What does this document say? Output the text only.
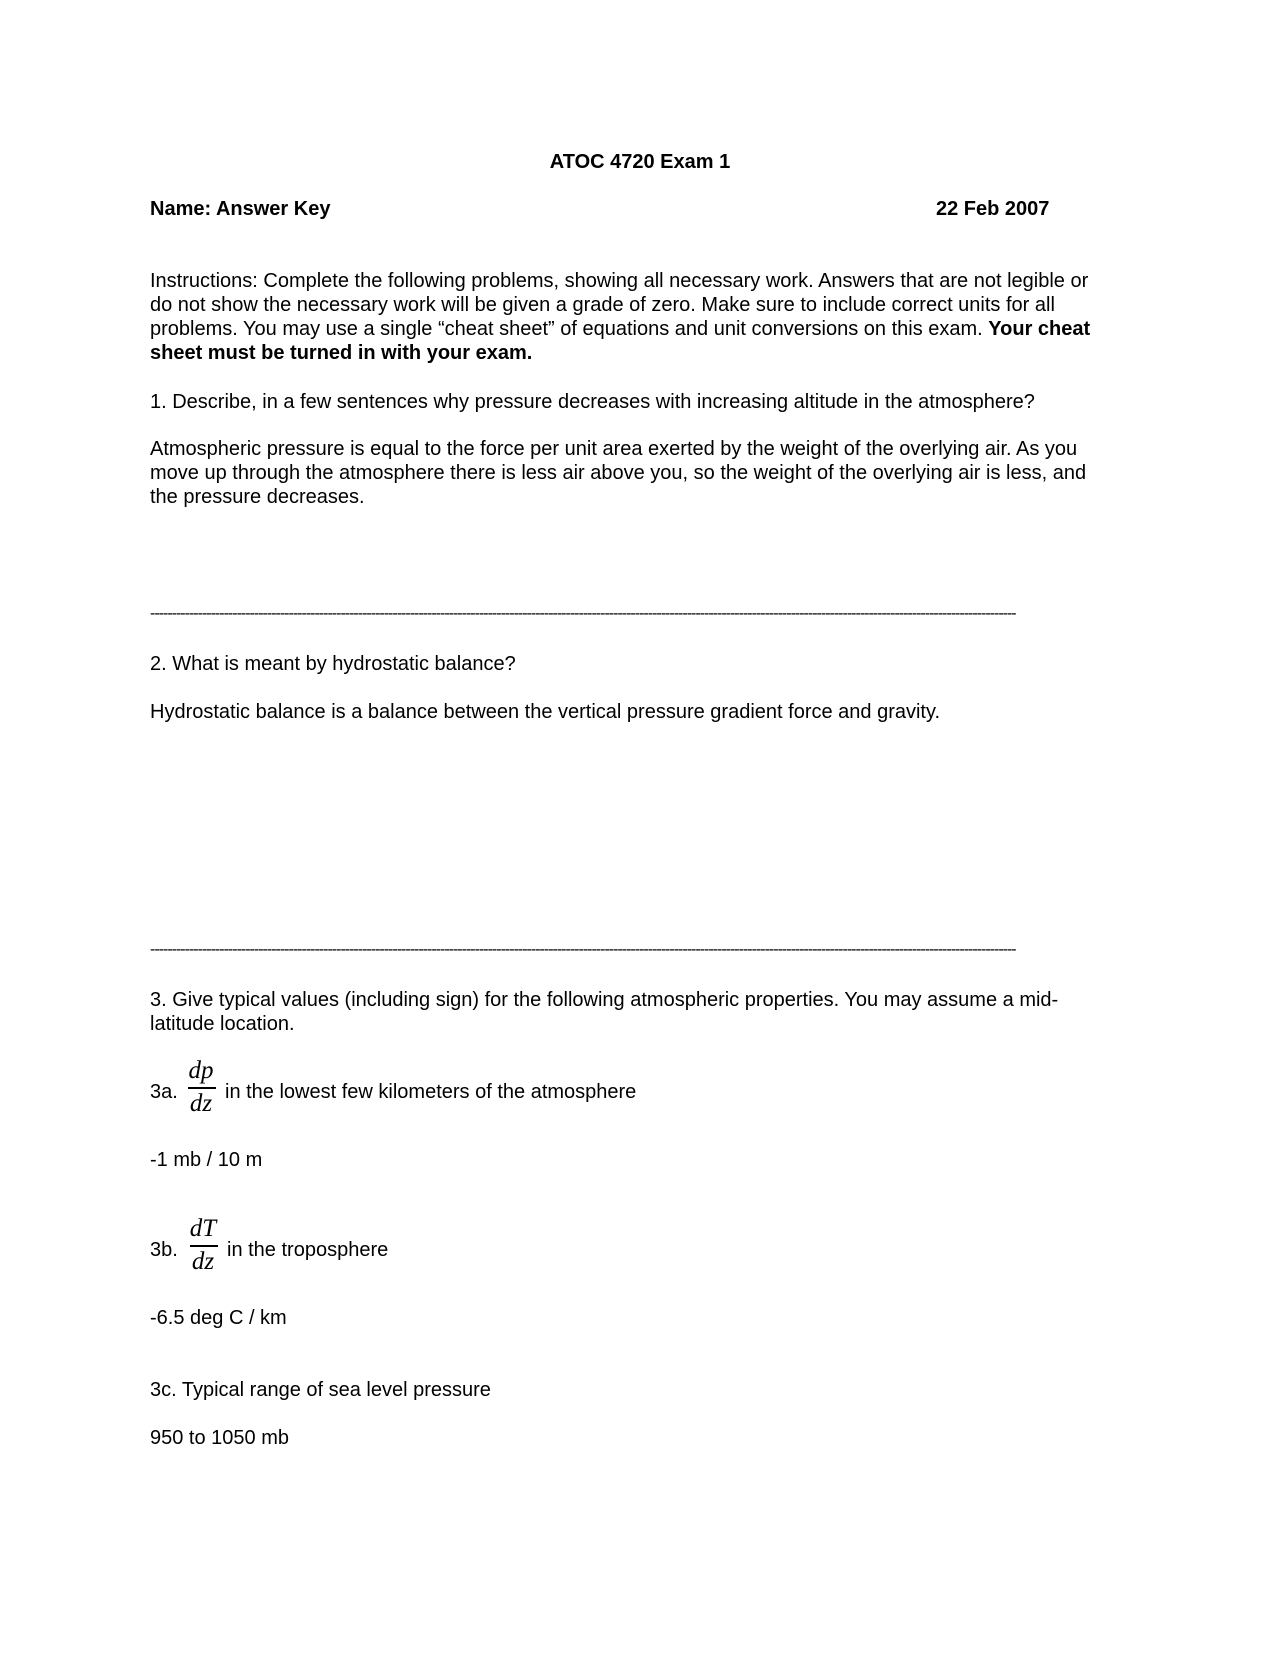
ATOC 4720 Exam 1
Name: Answer Key	22 Feb 2007
Instructions: Complete the following problems, showing all necessary work. Answers that are not legible or do not show the necessary work will be given a grade of zero. Make sure to include correct units for all problems. You may use a single “cheat sheet” of equations and unit conversions on this exam. Your cheat sheet must be turned in with your exam.
1. Describe, in a few sentences why pressure decreases with increasing altitude in the atmosphere?
Atmospheric pressure is equal to the force per unit area exerted by the weight of the overlying air. As you move up through the atmosphere there is less air above you, so the weight of the overlying air is less, and the pressure decreases.
--------------------------------------------------------------------------------------------------------------------------------------------------------------------------------------------------------
2. What is meant by hydrostatic balance?
Hydrostatic balance is a balance between the vertical pressure gradient force and gravity.
--------------------------------------------------------------------------------------------------------------------------------------------------------------------------------------------------------
3. Give typical values (including sign) for the following atmospheric properties. You may assume a mid-latitude location.
3a.
dp
dz in the lowest few kilometers of the atmosphere
-1 mb / 10 m
3b.
dT
dz in the troposphere
-6.5 deg C / km
3c. Typical range of sea level pressure
950 to 1050 mb
